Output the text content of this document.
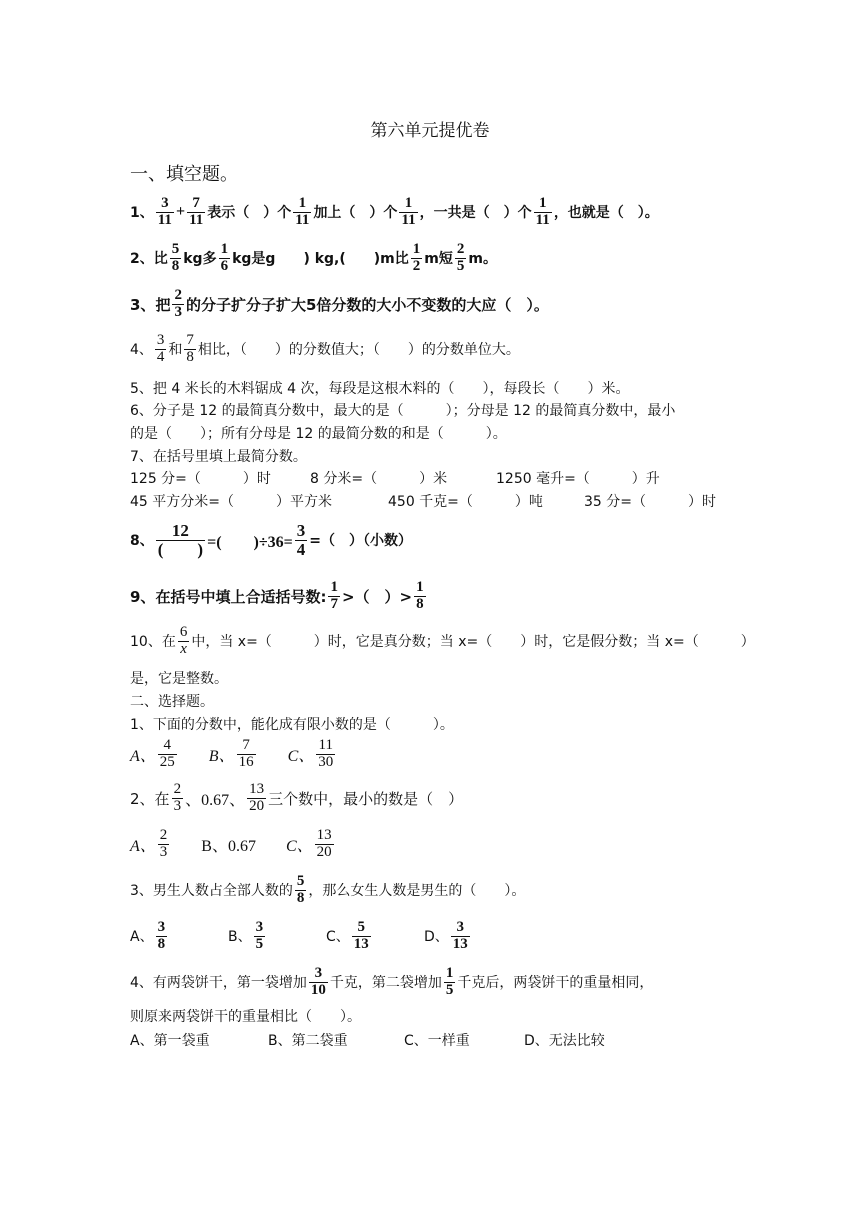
第六单元提优卷
一、填空题。
1、 $\frac{3}{11} + \frac{7}{11}$ 表示（　）个 $\frac{1}{11}$ 加上（　）个 $\frac{1}{11}$ ，一共是（　）个 $\frac{1}{11}$ ，也就是（　）。
2、 比 $\frac{5}{8}$ kg多 $\frac{1}{6}$ kg是g　　) kg,(　　)m比 $\frac{1}{2}$ m短 $\frac{2}{5}$ m。
3、 把 $\frac{2}{3}$ 的分子扩分子扩大5倍分数的大小不变数的大应（　）。
4、 $\frac{3}{4}$ 和 $\frac{7}{8}$ 相比，（　　）的分数值大；（　　）的分数单位大。
5、把 4 米长的木料锯成 4 次，每段是这根木料的（　　），每段长（　　）米。
6、分子是 12 的最简真分数中，最大的是（　　　）；分母是 12 的最简真分数中，最小
的是（　　）；所有分母是 12 的最简分数的和是（　　　）。
7、在括号里填上最简分数。
125 分=（　　　）时	8 分米=（　　　）米	1250 毫升=（　　　）升
45 平方分米=（　　　）平方米	450 千克=（　　　）吨	35 分=（　　　）时
8、 $\frac{12}{( )}$ =(　　)$\div 36= \frac{3}{4}$ =（　）（小数）
9、 在括号中填上合适括号数: $\frac{1}{7}$ >（　）> $\frac{1}{8}$
10、 在 $\frac{6}{x}$ 中，当 x=（　　　）时，它是真分数；当 x=（　　）时，它是假分数；当 x=（　　　）
是，它是整数。
二、选择题。
1、下面的分数中，能化成有限小数的是（　　　）。
A、 $\frac{4}{25}$ B、 $\frac{7}{16}$ C、 $\frac{11}{30}$
2、 在 $\frac{2}{3}$ 、0.67、 $\frac{13}{20}$ 三个数中，最小的数是（　）
A、 $\frac{2}{3}$ B、0.67 C、 $\frac{13}{20}$
3、男生人数占全部人数的 $\frac{5}{8}$ ，那么女生人数是男生的（　　）。
A、 $\frac{3}{8}$	B、 $\frac{3}{5}$	C、 $\frac{5}{13}$	D、 $\frac{3}{13}$
4、有两袋饼干，第一袋增加 $\frac{3}{10}$ 千克，第二袋增加 $\frac{1}{5}$ 千克后，两袋饼干的重量相同，
则原来两袋饼干的重量相比（　　）。
A、第一袋重	B、第二袋重	C、一样重	D、无法比较
